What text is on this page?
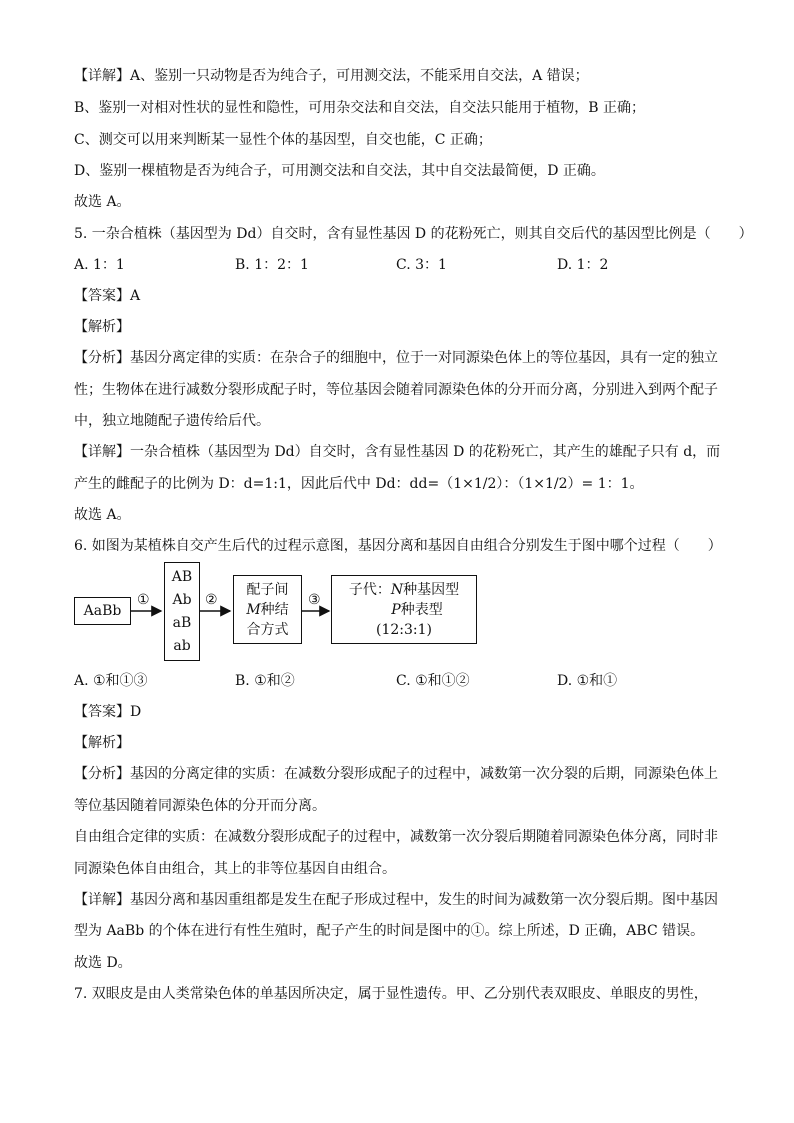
【详解】A、鉴别一只动物是否为纯合子，可用测交法，不能采用自交法，A 错误；
B、鉴别一对相对性状的显性和隐性，可用杂交法和自交法，自交法只能用于植物，B 正确；
C、测交可以用来判断某一显性个体的基因型，自交也能，C 正确；
D、鉴别一棵植物是否为纯合子，可用测交法和自交法，其中自交法最简便，D 正确。
故选 A。
5. 一杂合植株（基因型为 Dd）自交时，含有显性基因 D 的花粉死亡，则其自交后代的基因型比例是（　　）
A. 1：1	B. 1：2：1	C. 3：1	D. 1：2
【答案】A
【解析】
【分析】基因分离定律的实质：在杂合子的细胞中，位于一对同源染色体上的等位基因，具有一定的独立
性；生物体在进行减数分裂形成配子时，等位基因会随着同源染色体的分开而分离，分别进入到两个配子
中，独立地随配子遗传给后代。
【详解】一杂合植株（基因型为 Dd）自交时，含有显性基因 D 的花粉死亡，其产生的雄配子只有 d，而
产生的雌配子的比例为 D：d=1:1，因此后代中 Dd：dd=（1×1/2）：（1×1/2）= 1：1。
故选 A。
6. 如图为某植株自交产生后代的过程示意图，基因分离和基因自由组合分别发生于图中哪个过程（　　）
AaBb
①
AB
Ab
aB
ab
②
配子间
M种结
合方式
③
子代：N种基因型
P种表型
(12:3:1)
A. ①和①③	B. ①和②	C. ①和①②	D. ①和①
【答案】D
【解析】
【分析】基因的分离定律的实质：在减数分裂形成配子的过程中，减数第一次分裂的后期，同源染色体上
等位基因随着同源染色体的分开而分离。
自由组合定律的实质：在减数分裂形成配子的过程中，减数第一次分裂后期随着同源染色体分离，同时非
同源染色体自由组合，其上的非等位基因自由组合。
【详解】基因分离和基因重组都是发生在配子形成过程中，发生的时间为减数第一次分裂后期。图中基因
型为 AaBb 的个体在进行有性生殖时，配子产生的时间是图中的①。综上所述，D 正确，ABC 错误。
故选 D。
7. 双眼皮是由人类常染色体的单基因所决定，属于显性遗传。甲、乙分别代表双眼皮、单眼皮的男性，
